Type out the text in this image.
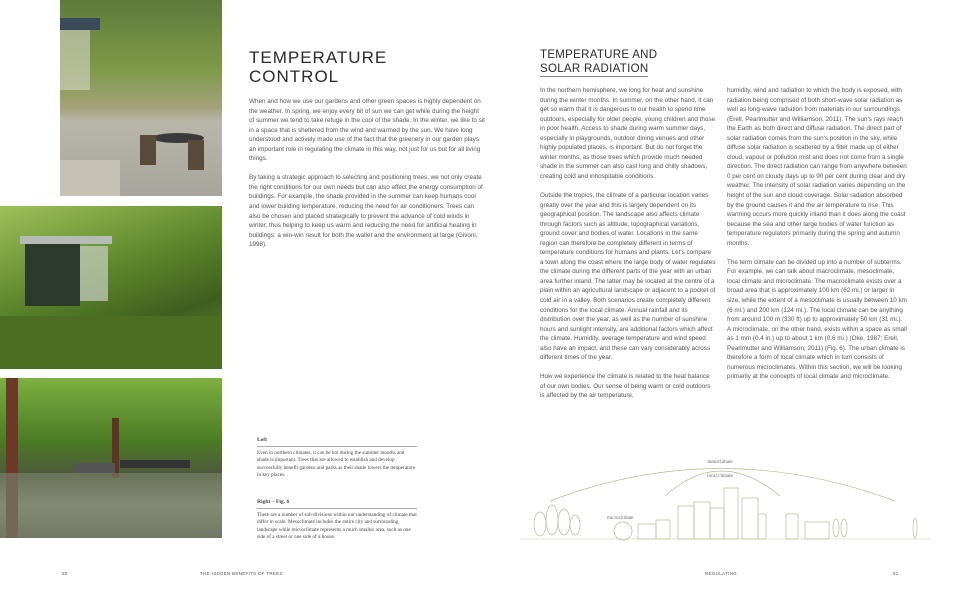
TEMPERATURE
CONTROL

When and how we use our gardens and other green spaces is highly dependent on the weather. In spring, we enjoy every bit of sun we can get while during the height of summer we tend to take refuge in the cool of the shade. In the winter, we like to sit in a space that is sheltered from the wind and warmed by the sun. We have long understood and actively made use of the fact that the greenery in our garden plays an important role in regulating the climate in this way, not just for us but for all living things.

By taking a strategic approach to selecting and positioning trees, we not only create the right conditions for our own needs but can also affect the energy consumption of buildings. For example, the shade provided in the summer can keep humans cool and lower building temperature, reducing the need for air conditioners. Trees can also be chosen and placed strategically to prevent the advance of cold winds in winter, thus helping to keep us warm and reducing the need for artificial heating in buildings: a win-win result for both the wallet and the environment at large (Givoni, 1998).

Left
Even in northern climates, it can be hot during the summer months and shade is important. Trees that are allowed to establish and develop successfully benefit gardens and parks as their shade lowers the temperature in key places.
Right – Fig. 6
There are a number of sub-divisions within our understanding of climate that differ in scale. Mesoclimate includes the entire city and surrounding landscape while microclimate represents a much smaller area, such as one side of a street or one side of a house.
TEMPERATURE AND
SOLAR RADIATION

In the northern hemisphere, we long for heat and sunshine during the winter months. In summer, on the other hand, it can get so warm that it is dangerous to our health to spend time outdoors, especially for older people, young children and those in poor health. Access to shade during warm summer days, especially in playgrounds, outdoor dining venues and other highly populated places, is important. But do not forget the winter months, as those trees which provide much needed shade in the summer can also cast long and chilly shadows, creating cold and inhospitable conditions.

Outside the tropics, the climate of a particular location varies greatly over the year and this is largely dependent on its geographical position. The landscape also affects climate through factors such as altitude, topographical variations, ground cover and bodies of water. Locations in the same region can therefore be completely different in terms of temperature conditions for humans and plants. Let's compare a town along the coast where the large body of water regulates the climate during the different parts of the year with an urban area further inland. The latter may be located at the centre of a plain within an agricultural landscape or adjacent to a pocket of cold air in a valley. Both scenarios create completely different conditions for the local climate. Annual rainfall and its distribution over the year, as well as the number of sunshine hours and sunlight intensity, are additional factors which affect the climate. Humidity, average temperature and wind speed also have an impact, and these can vary considerably across different times of the year.

How we experience the climate is related to the heat balance of our own bodies. Our sense of being warm or cold outdoors is affected by the air temperature,

humidity, wind and radiation to which the body is exposed, with radiation being comprised of both short-wave solar radiation as well as long-wave radiation from materials in our surroundings (Erell, Pearlmutter and Williamson, 2011). The sun's rays reach the Earth as both direct and diffuse radiation. The direct part of solar radiation comes from the sun's position in the sky, while diffuse solar radiation is scattered by a filter made up of either cloud, vapour or pollution mist and does not come from a single direction. The direct radiation can range from anywhere between 0 per cent on cloudy days up to 90 per cent during clear and dry weather. The intensity of solar radiation varies depending on the height of the sun and cloud coverage. Solar radiation absorbed by the ground causes it and the air temperature to rise. This warming occurs more quickly inland than it does along the coast because the sea and other large bodies of water function as temperature regulators primarily during the spring and autumn months.

The term climate can be divided up into a number of subterms. For example, we can talk about macroclimate, mesoclimate, local climate and microclimate. The macroclimate exists over a broad area that is approximately 100 km (62 mi.) or larger in size, while the extent of a mesoclimate is usually between 10 km (6 mi.) and 200 km (124 mi.). The local climate can be anything from around 100 m (330 ft) up to approximately 50 km (31 mi.). A microclimate, on the other hand, exists within a space as small as 1 mm (0.4 in.) up to about 1 km (0.6 mi.) (Oke, 1987; Erell, Pearlmutter and Williamson, 2011) (Fig. 6). The urban climate is therefore a form of local climate which in turn consists of numerous microclimates. Within this section, we will be looking primarily at the concepts of local climate and microclimate.

mesoclimate
local climate
microclimate
50	THE HIDDEN BENEFITS OF TREES	REGULATING	51
